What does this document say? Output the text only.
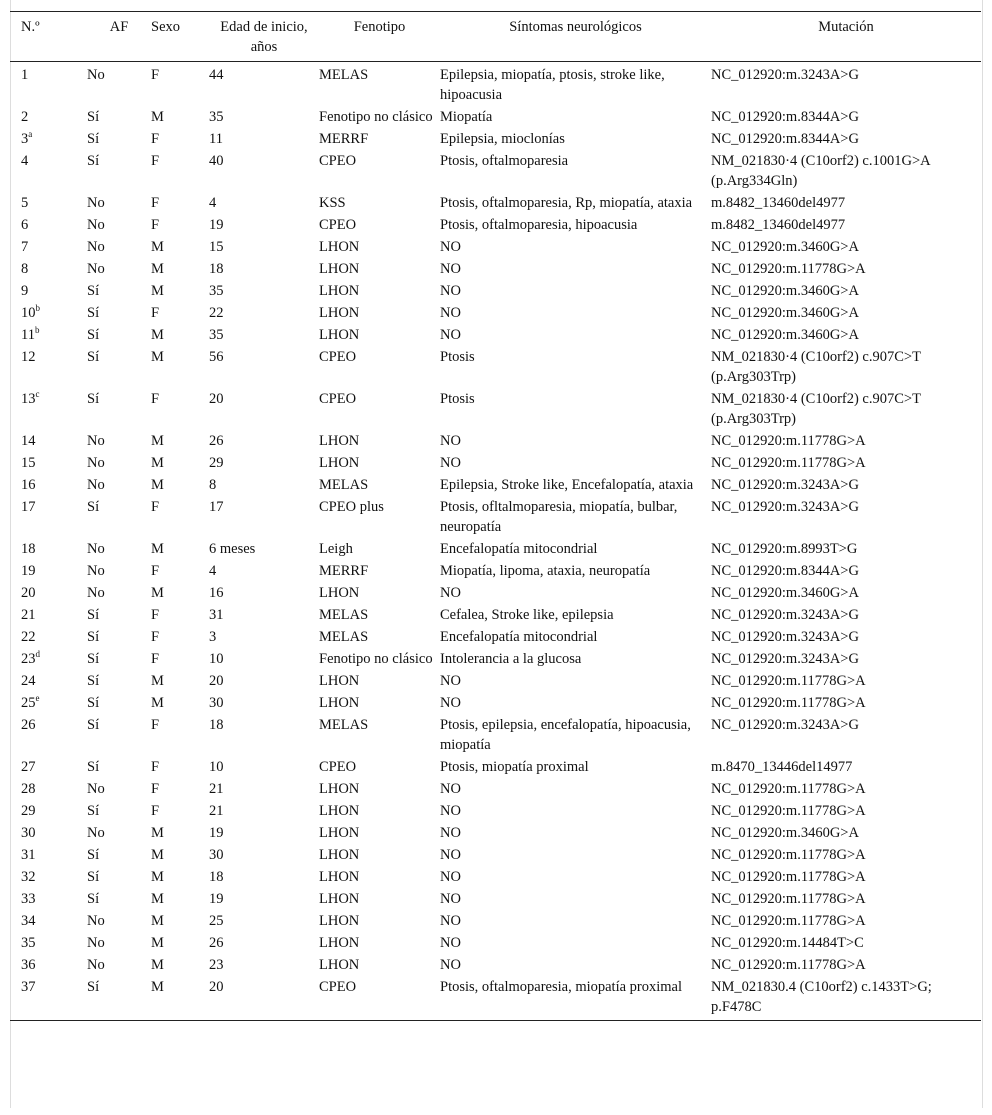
N.º	AF	Sexo	Edad de inicio, años	Fenotipo	Síntomas neurológicos	Mutación
1	No	F	44	MELAS	Epilepsia, miopatía, ptosis, stroke like, hipoacusia	NC_012920:m.3243A>G
2	Sí	M	35	Fenotipo no clásico	Miopatía	NC_012920:m.8344A>G
3$^a$	Sí	F	11	MERRF	Epilepsia, mioclonías	NC_012920:m.8344A>G
4	Sí	F	40	CPEO	Ptosis, oftalmoparesia	NM_021830·4 (C10orf2) c.1001G>A (p.Arg334Gln)
5	No	F	4	KSS	Ptosis, oftalmoparesia, Rp, miopatía, ataxia	m.8482_13460del4977
6	No	F	19	CPEO	Ptosis, oftalmoparesia, hipoacusia	m.8482_13460del4977
7	No	M	15	LHON	NO	NC_012920:m.3460G>A
8	No	M	18	LHON	NO	NC_012920:m.11778G>A
9	Sí	M	35	LHON	NO	NC_012920:m.3460G>A
10$^b$	Sí	F	22	LHON	NO	NC_012920:m.3460G>A
11$^b$	Sí	M	35	LHON	NO	NC_012920:m.3460G>A
12	Sí	M	56	CPEO	Ptosis	NM_021830·4 (C10orf2) c.907C>T (p.Arg303Trp)
13$^c$	Sí	F	20	CPEO	Ptosis	NM_021830·4 (C10orf2) c.907C>T (p.Arg303Trp)
14	No	M	26	LHON	NO	NC_012920:m.11778G>A
15	No	M	29	LHON	NO	NC_012920:m.11778G>A
16	No	M	8	MELAS	Epilepsia, Stroke like, Encefalopatía, ataxia	NC_012920:m.3243A>G
17	Sí	F	17	CPEO plus	Ptosis, ofltalmoparesia, miopatía, bulbar, neuropatía	NC_012920:m.3243A>G
18	No	M	6 meses	Leigh	Encefalopatía mitocondrial	NC_012920:m.8993T>G
19	No	F	4	MERRF	Miopatía, lipoma, ataxia, neuropatía	NC_012920:m.8344A>G
20	No	M	16	LHON	NO	NC_012920:m.3460G>A
21	Sí	F	31	MELAS	Cefalea, Stroke like, epilepsia	NC_012920:m.3243A>G
22	Sí	F	3	MELAS	Encefalopatía mitocondrial	NC_012920:m.3243A>G
23$^d$	Sí	F	10	Fenotipo no clásico	Intolerancia a la glucosa	NC_012920:m.3243A>G
24	Sí	M	20	LHON	NO	NC_012920:m.11778G>A
25e	Sí	M	30	LHON	NO	NC_012920:m.11778G>A
26	Sí	F	18	MELAS	Ptosis, epilepsia, encefalopatía, hipoacusia, miopatía	NC_012920:m.3243A>G
27	Sí	F	10	CPEO	Ptosis, miopatía proximal	m.8470_13446del14977
28	No	F	21	LHON	NO	NC_012920:m.11778G>A
29	Sí	F	21	LHON	NO	NC_012920:m.11778G>A
30	No	M	19	LHON	NO	NC_012920:m.3460G>A
31	Sí	M	30	LHON	NO	NC_012920:m.11778G>A
32	Sí	M	18	LHON	NO	NC_012920:m.11778G>A
33	Sí	M	19	LHON	NO	NC_012920:m.11778G>A
34	No	M	25	LHON	NO	NC_012920:m.11778G>A
35	No	M	26	LHON	NO	NC_012920:m.14484T>C
36	No	M	23	LHON	NO	NC_012920:m.11778G>A
37	Sí	M	20	CPEO	Ptosis, oftalmoparesia, miopatía proximal	NM_021830.4 (C10orf2) c.1433T>G; p.F478C
